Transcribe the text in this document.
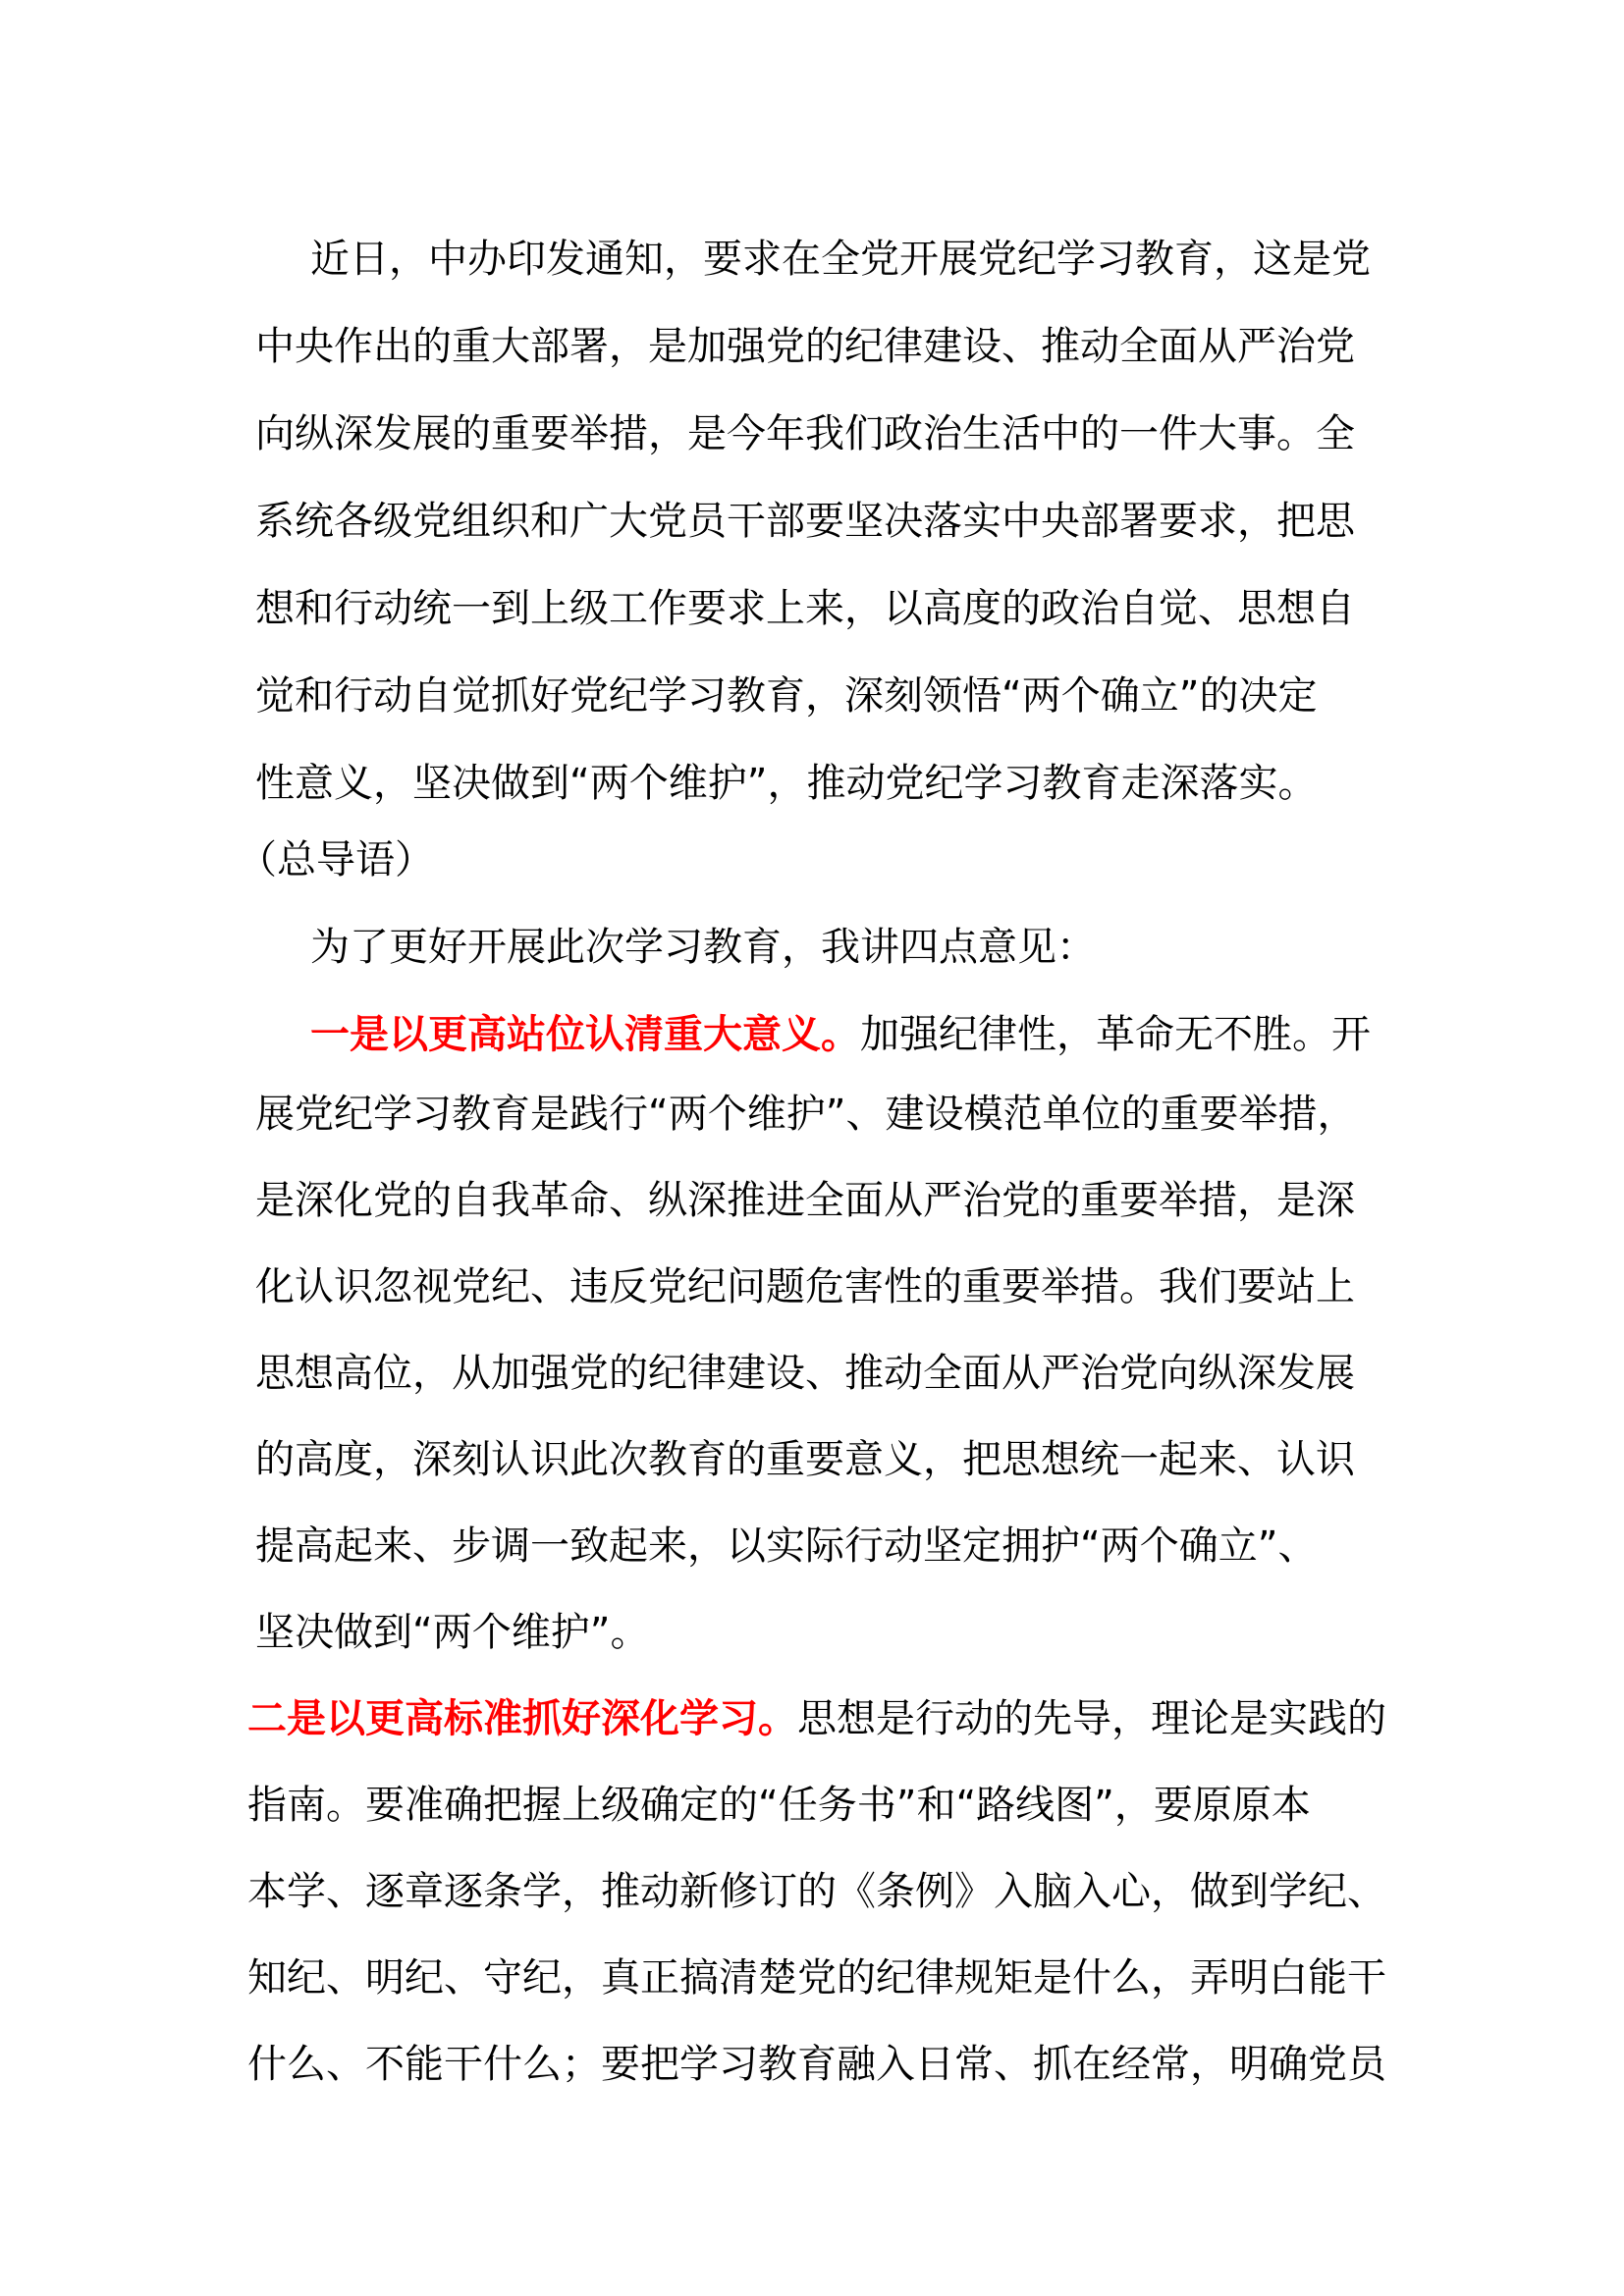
近日，中办印发通知，要求在全党开展党纪学习教育，这是党
中央作出的重大部署，是加强党的纪律建设、推动全面从严治党
向纵深发展的重要举措，是今年我们政治生活中的一件大事。全
系统各级党组织和广大党员干部要坚决落实中央部署要求，把思
想和行动统一到上级工作要求上来，以高度的政治自觉、思想自
觉和行动自觉抓好党纪学习教育，深刻领悟“两个确立”的决定
性意义，坚决做到“两个维护”，推动党纪学习教育走深落实。
（总导语）
为了更好开展此次学习教育，我讲四点意见：
一是以更高站位认清重大意义。加强纪律性，革命无不胜。开
展党纪学习教育是践行“两个维护”、建设模范单位的重要举措，
是深化党的自我革命、纵深推进全面从严治党的重要举措，是深
化认识忽视党纪、违反党纪问题危害性的重要举措。我们要站上
思想高位，从加强党的纪律建设、推动全面从严治党向纵深发展
的高度，深刻认识此次教育的重要意义，把思想统一起来、认识
提高起来、步调一致起来，以实际行动坚定拥护“两个确立”、
坚决做到“两个维护”。
二是以更高标准抓好深化学习。思想是行动的先导，理论是实践的
指南。要准确把握上级确定的“任务书”和“路线图”，要原原本
本学、逐章逐条学，推动新修订的《条例》入脑入心，做到学纪、
知纪、明纪、守纪，真正搞清楚党的纪律规矩是什么，弄明白能干
什么、不能干什么；要把学习教育融入日常、抓在经常，明确党员
